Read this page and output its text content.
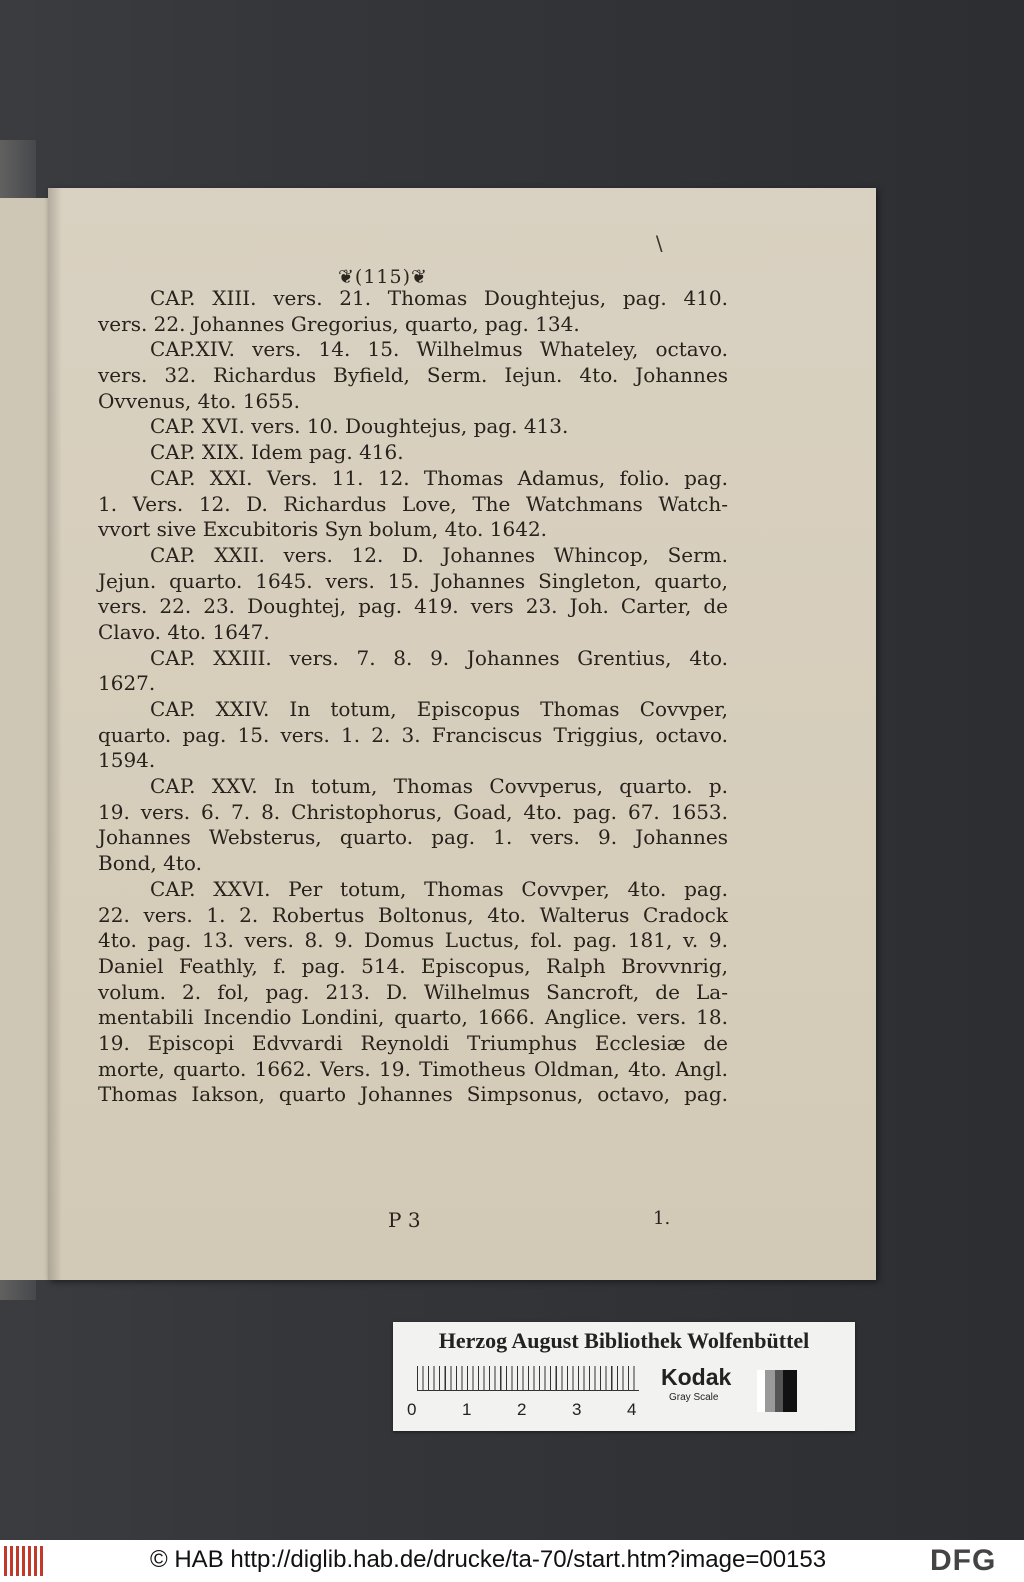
∖
❦(115)❦
CAP. XIII. vers. 21. Thomas Doughtejus, pag. 410.
vers. 22. Johannes Gregorius, quarto, pag. 134.
CAP.XIV. vers. 14. 15. Wilhelmus Whateley, octavo.
vers. 32. Richardus Byfield, Serm. Iejun. 4to. Johannes
Ovvenus, 4to. 1655.
CAP. XVI. vers. 10. Doughtejus, pag. 413.
CAP. XIX. Idem pag. 416.
CAP. XXI. Vers. 11. 12. Thomas Adamus, folio. pag.
1. Vers. 12. D. Richardus Love, The Watchmans Watch-
vvort sive Excubitoris Syn bolum, 4to. 1642.
CAP. XXII. vers. 12. D. Johannes Whincop, Serm.
Jejun. quarto. 1645. vers. 15. Johannes Singleton, quarto,
vers. 22. 23. Doughtej, pag. 419. vers 23. Joh. Carter, de
Clavo. 4to. 1647.
CAP. XXIII. vers. 7. 8. 9. Johannes Grentius, 4to.
1627.
CAP. XXIV. In totum, Episcopus Thomas Covvper,
quarto. pag. 15. vers. 1. 2. 3. Franciscus Triggius, octavo.
1594.
CAP. XXV. In totum, Thomas Covvperus, quarto. p.
19. vers. 6. 7. 8. Christophorus, Goad, 4to. pag. 67. 1653.
Johannes Websterus, quarto. pag. 1. vers. 9. Johannes
Bond, 4to.
CAP. XXVI. Per totum, Thomas Covvper, 4to. pag.
22. vers. 1. 2. Robertus Boltonus, 4to. Walterus Cradock
4to. pag. 13. vers. 8. 9. Domus Luctus, fol. pag. 181, v. 9.
Daniel Feathly, f. pag. 514. Episcopus, Ralph Brovvnrig,
volum. 2. fol, pag. 213. D. Wilhelmus Sancroft, de La-
mentabili Incendio Londini, quarto, 1666. Anglice. vers. 18.
19. Episcopi Edvvardi Reynoldi Triumphus Ecclesiæ de
morte, quarto. 1662. Vers. 19. Timotheus Oldman, 4to. Angl.
Thomas Iakson, quarto Johannes Simpsonus, octavo, pag.
P 3	1.
Herzog August Bibliothek Wolfenbüttel
0	1	2	3	4
Kodak
Gray Scale
© HAB http://diglib.hab.de/drucke/ta-70/start.htm?image=00153	DFG
